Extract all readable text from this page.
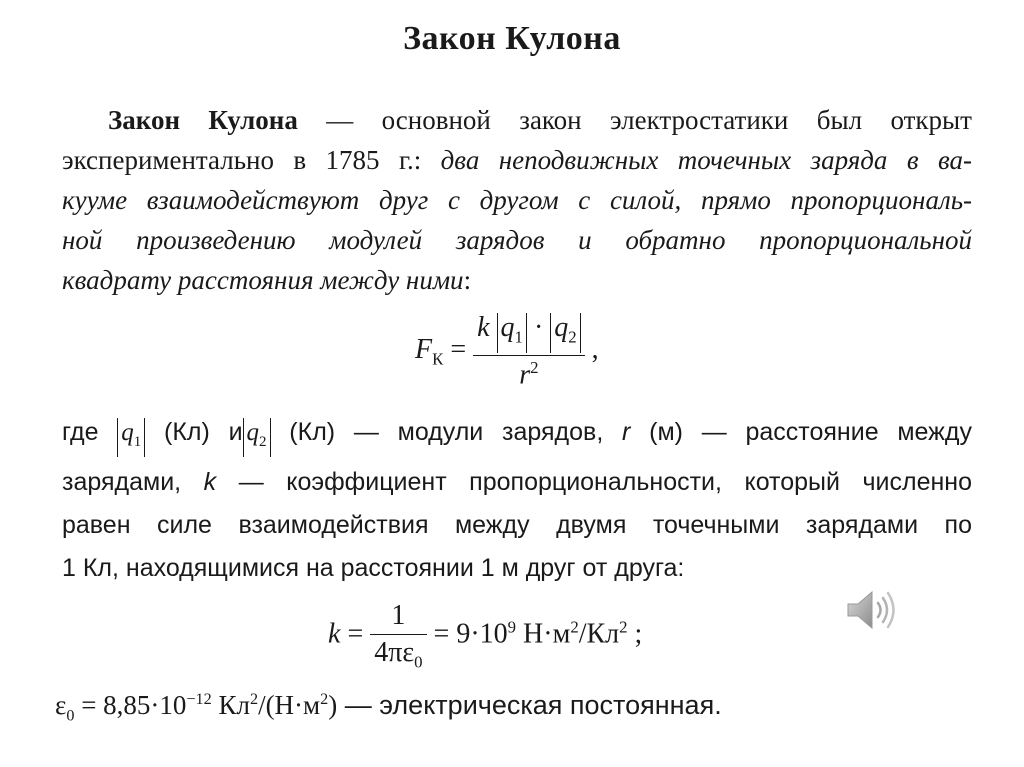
Закон Кулона
Закон Кулона — основной закон электростатики был открыт
экспериментально в 1785 г.: два неподвижных точечных заряда в ва-
кууме взаимодействуют друг с другом с силой, прямо пропорциональ-
ной произведению модулей зарядов и обратно пропорциональной
квадрату расстояния между ними:
$F_К = \frac{k q_1 \cdot q_2}{r^2}$ ,
где $q_1$ (Кл) и $q_2$ (Кл) — модули зарядов, r (м) — расстояние между
зарядами, k — коэффициент пропорциональности, который численно
равен силе взаимодействия между двумя точечными зарядами по
1 Кл, находящимися на расстоянии 1 м друг от друга:
$k = \frac{1}{4\pi\varepsilon_0} = 9\cdot 10^9$ $Н\cdot м^2/Кл^2$ ;
$\varepsilon_0 = 8,85\cdot 10^{-12}$ $Кл^2/(Н\cdot м^2)$ — электрическая постоянная.
